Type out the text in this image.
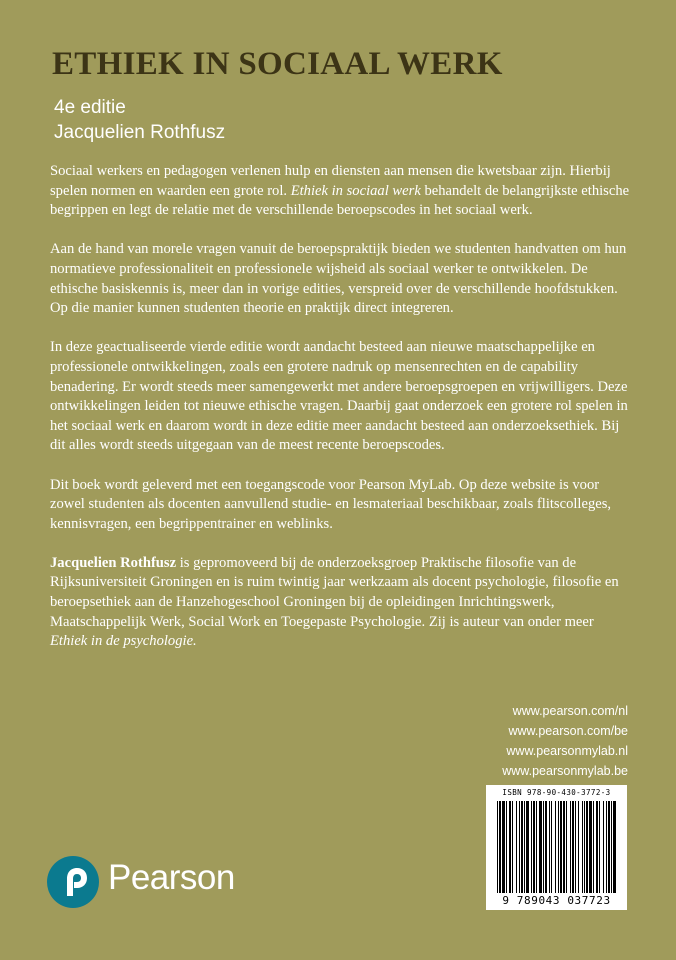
ETHIEK IN SOCIAAL WERK
4e editie
Jacquelien Rothfusz

Sociaal werkers en pedagogen verlenen hulp en diensten aan mensen die kwetsbaar zijn. Hierbij spelen normen en waarden een grote rol. Ethiek in sociaal werk behandelt de belangrijkste ethische begrippen en legt de relatie met de verschillende beroepscodes in het sociaal werk.

Aan de hand van morele vragen vanuit de beroepspraktijk bieden we studenten handvatten om hun normatieve professionaliteit en professionele wijsheid als sociaal werker te ontwikkelen. De ethische basiskennis is, meer dan in vorige edities, verspreid over de verschillende hoofdstukken. Op die manier kunnen studenten theorie en praktijk direct integreren.

In deze geactualiseerde vierde editie wordt aandacht besteed aan nieuwe maatschappelijke en professionele ontwikkelingen, zoals een grotere nadruk op mensenrechten en de capability benadering. Er wordt steeds meer samengewerkt met andere beroepsgroepen en vrijwilligers. Deze ontwikkelingen leiden tot nieuwe ethische vragen. Daarbij gaat onderzoek een grotere rol spelen in het sociaal werk en daarom wordt in deze editie meer aandacht besteed aan onderzoeksethiek. Bij dit alles wordt steeds uitgegaan van de meest recente beroepscodes.

Dit boek wordt geleverd met een toegangscode voor Pearson MyLab. Op deze website is voor zowel studenten als docenten aanvullend studie- en lesmateriaal beschikbaar, zoals flitscolleges, kennisvragen, een begrippentrainer en weblinks.

Jacquelien Rothfusz is gepromoveerd bij de onderzoeksgroep Praktische filosofie van de Rijksuniversiteit Groningen en is ruim twintig jaar werkzaam als docent psychologie, filosofie en beroepsethiek aan de Hanzehogeschool Groningen bij de opleidingen Inrichtingswerk, Maatschappelijk Werk, Social Work en Toegepaste Psychologie. Zij is auteur van onder meer Ethiek in de psychologie.

www.pearson.com/nl
www.pearson.com/be
www.pearsonmylab.nl
www.pearsonmylab.be
ISBN 978-90-430-3772-3
9 789043 037723
Pearson
